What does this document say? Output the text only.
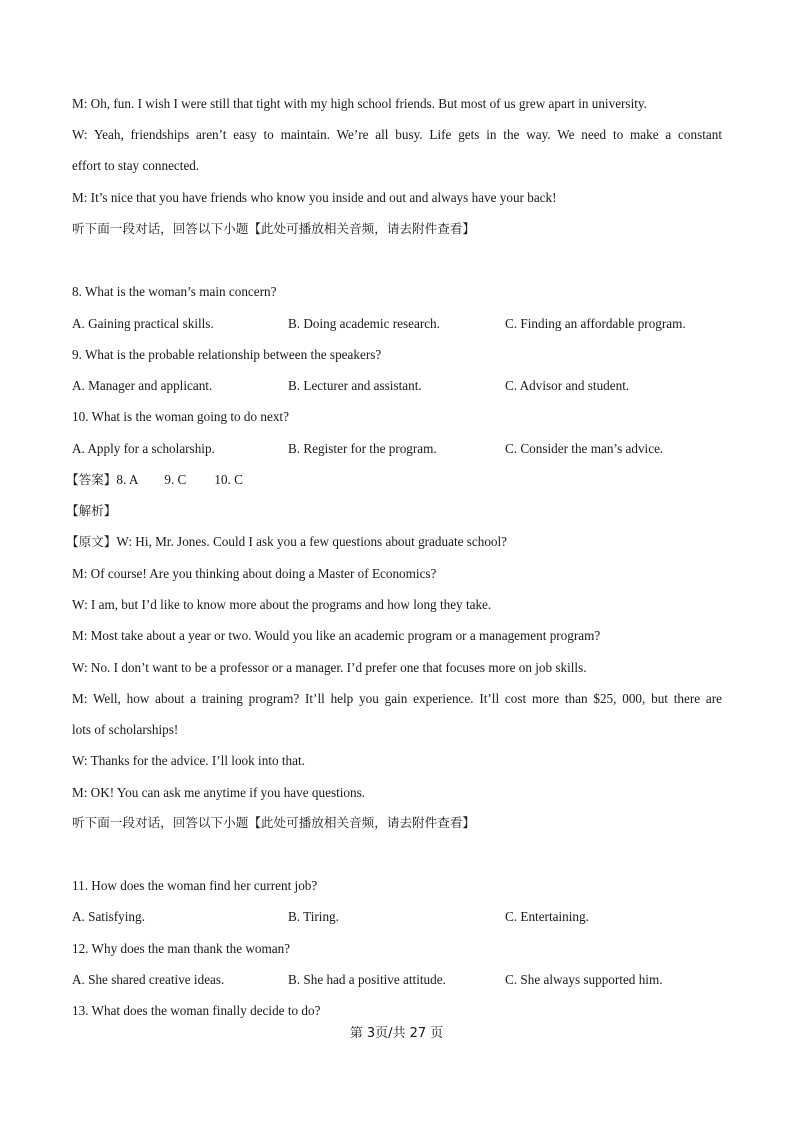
M: Oh, fun. I wish I were still that tight with my high school friends. But most of us grew apart in university.
W: Yeah, friendships aren’t easy to maintain. We’re all busy. Life gets in the way. We need to make a constant
effort to stay connected.
M: It’s nice that you have friends who know you inside and out and always have your back!
听下面一段对话，回答以下小题【此处可播放相关音频，请去附件查看】
8. What is the woman’s main concern?
A. Gaining practical skills.	B. Doing academic research.	C. Finding an affordable program.
9. What is the probable relationship between the speakers?
A. Manager and applicant.	B. Lecturer and assistant.	C. Advisor and student.
10. What is the woman going to do next?
A. Apply for a scholarship.	B. Register for the program.	C. Consider the man’s advice.
【答案】8. A 9. C 10. C
【解析】
【原文】W: Hi, Mr. Jones. Could I ask you a few questions about graduate school?
M: Of course! Are you thinking about doing a Master of Economics?
W: I am, but I’d like to know more about the programs and how long they take.
M: Most take about a year or two. Would you like an academic program or a management program?
W: No. I don’t want to be a professor or a manager. I’d prefer one that focuses more on job skills.
M: Well, how about a training program? It’ll help you gain experience. It’ll cost more than $25, 000, but there are
lots of scholarships!
W: Thanks for the advice. I’ll look into that.
M: OK! You can ask me anytime if you have questions.
听下面一段对话，回答以下小题【此处可播放相关音频，请去附件查看】
11. How does the woman find her current job?
A. Satisfying.	B. Tiring.	C. Entertaining.
12. Why does the man thank the woman?
A. She shared creative ideas.	B. She had a positive attitude.	C. She always supported him.
13. What does the woman finally decide to do?
第 3页/共 27 页
